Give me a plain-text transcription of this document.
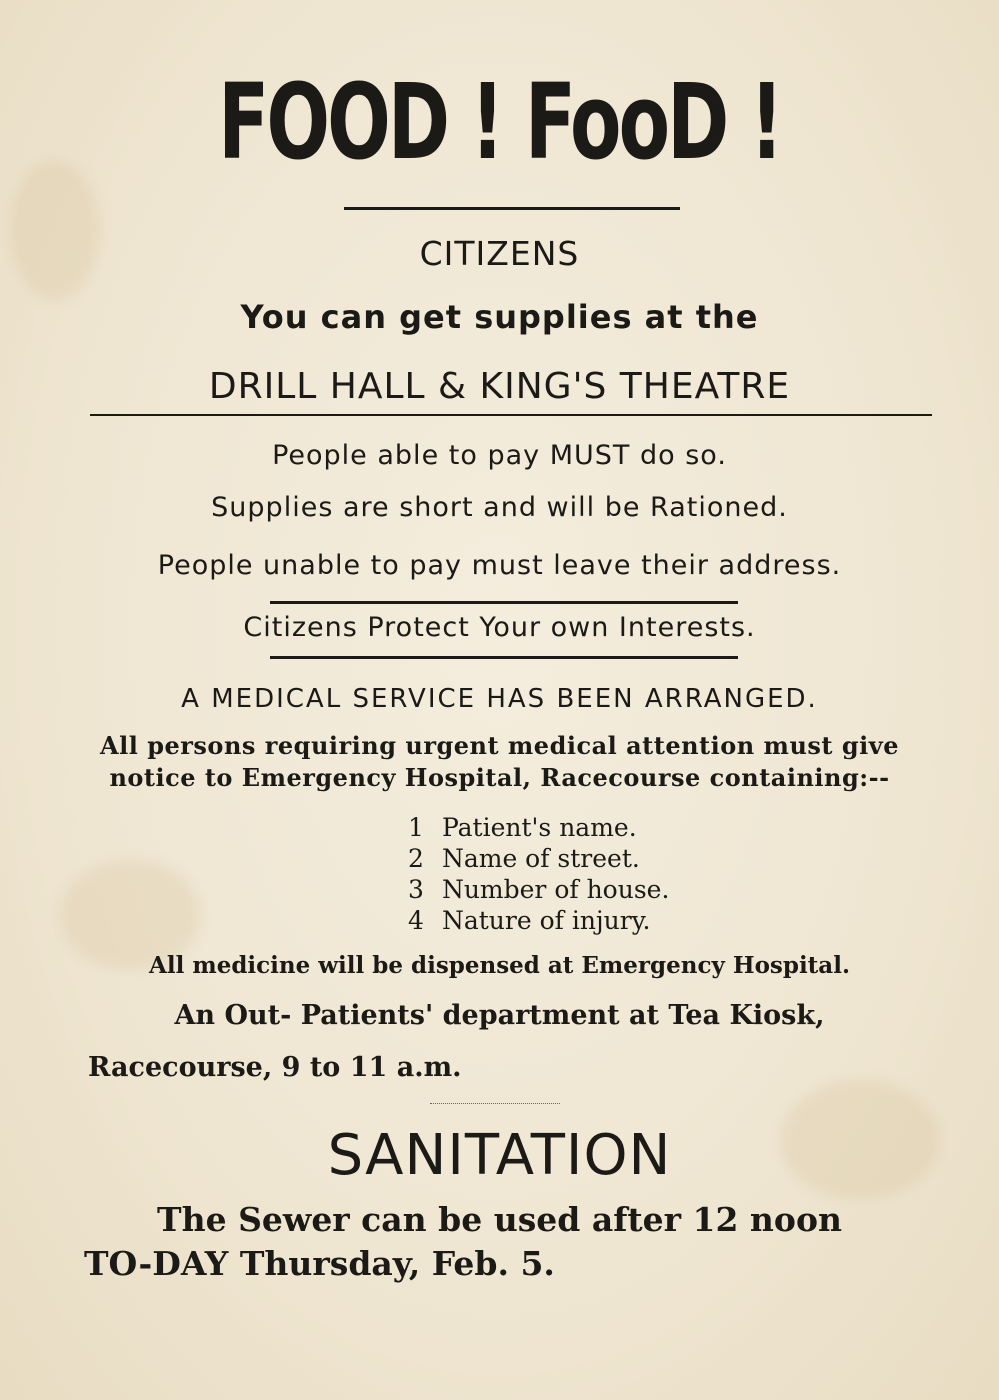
FOOD ! FooD !
CITIZENS
You can get supplies at the
DRILL HALL & KING'S THEATRE
People able to pay MUST do so.
Supplies are short and will be Rationed.
People unable to pay must leave their address.
Citizens Protect Your own Interests.
A MEDICAL SERVICE HAS BEEN ARRANGED.
All persons requiring urgent medical attention must give
notice to Emergency Hospital, Racecourse containing:--
1 Patient's name.
2 Name of street.
3 Number of house.
4 Nature of injury.
All medicine will be dispensed at Emergency Hospital.
An Out- Patients' department at Tea Kiosk,
Racecourse, 9 to 11 a.m.
SANITATION
The Sewer can be used after 12 noon
TO-DAY Thursday, Feb. 5.
